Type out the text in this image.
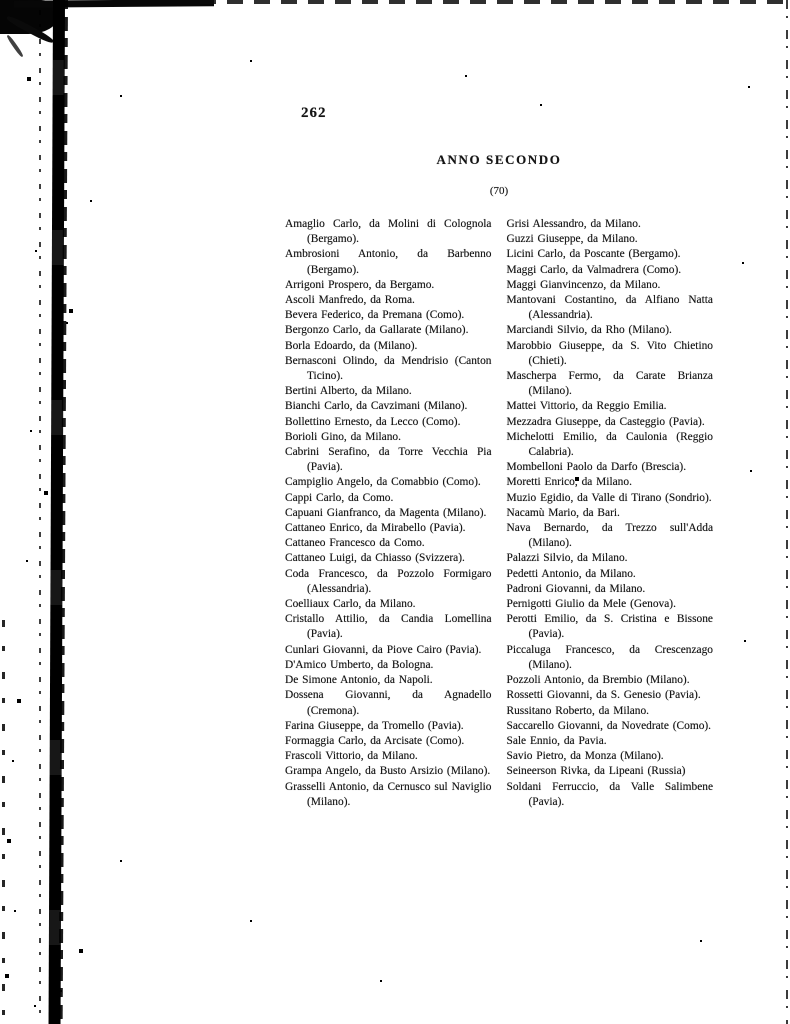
262
ANNO SECONDO
(70)

Amaglio Carlo, da Molini di Colognola (Bergamo).

Ambrosioni Antonio, da Barbenno (Bergamo).

Arrigoni Prospero, da Bergamo.

Ascoli Manfredo, da Roma.

Bevera Federico, da Premana (Como).

Bergonzo Carlo, da Gallarate (Milano).

Borla Edoardo, da (Milano).

Bernasconi Olindo, da Mendrisio (Canton Ticino).

Bertini Alberto, da Milano.

Bianchi Carlo, da Cavzimani (Milano).

Bollettino Ernesto, da Lecco (Como).

Borioli Gino, da Milano.

Cabrini Serafino, da Torre Vecchia Pia (Pavia).

Campiglio Angelo, da Comabbio (Como).

Cappi Carlo, da Como.

Capuani Gianfranco, da Magenta (Milano).

Cattaneo Enrico, da Mirabello (Pavia).

Cattaneo Francesco da Como.

Cattaneo Luigi, da Chiasso (Svizzera).

Coda Francesco, da Pozzolo Formigaro (Alessandria).

Coelliaux Carlo, da Milano.

Cristallo Attilio, da Candia Lomellina (Pavia).

Cunlari Giovanni, da Piove Cairo (Pavia).

D'Amico Umberto, da Bologna.

De Simone Antonio, da Napoli.

Dossena Giovanni, da Agnadello (Cremona).

Farina Giuseppe, da Tromello (Pavia).

Formaggia Carlo, da Arcisate (Como).

Frascoli Vittorio, da Milano.

Grampa Angelo, da Busto Arsizio (Milano).

Grasselli Antonio, da Cernusco sul Naviglio (Milano).

Grisi Alessandro, da Milano.

Guzzi Giuseppe, da Milano.

Licini Carlo, da Poscante (Bergamo).

Maggi Carlo, da Valmadrera (Como).

Maggi Gianvincenzo, da Milano.

Mantovani Costantino, da Alfiano Natta (Alessandria).

Marciandi Silvio, da Rho (Milano).

Marobbio Giuseppe, da S. Vito Chietino (Chieti).

Mascherpa Fermo, da Carate Brianza (Milano).

Mattei Vittorio, da Reggio Emilia.

Mezzadra Giuseppe, da Casteggio (Pavia).

Michelotti Emilio, da Caulonia (Reggio Calabria).

Mombelloni Paolo da Darfo (Brescia).

Moretti Enrico, da Milano.

Muzio Egidio, da Valle di Tirano (Sondrio).

Nacamù Mario, da Bari.

Nava Bernardo, da Trezzo sull'Adda (Milano).

Palazzi Silvio, da Milano.

Pedetti Antonio, da Milano.

Padroni Giovanni, da Milano.

Pernigotti Giulio da Mele (Genova).

Perotti Emilio, da S. Cristina e Bissone (Pavia).

Piccaluga Francesco, da Crescenzago (Milano).

Pozzoli Antonio, da Brembio (Milano).

Rossetti Giovanni, da S. Genesio (Pavia).

Russitano Roberto, da Milano.

Saccarello Giovanni, da Novedrate (Como).

Sale Ennio, da Pavia.

Savio Pietro, da Monza (Milano).

Seineerson Rivka, da Lipeani (Russia)

Soldani Ferruccio, da Valle Salimbene (Pavia).
